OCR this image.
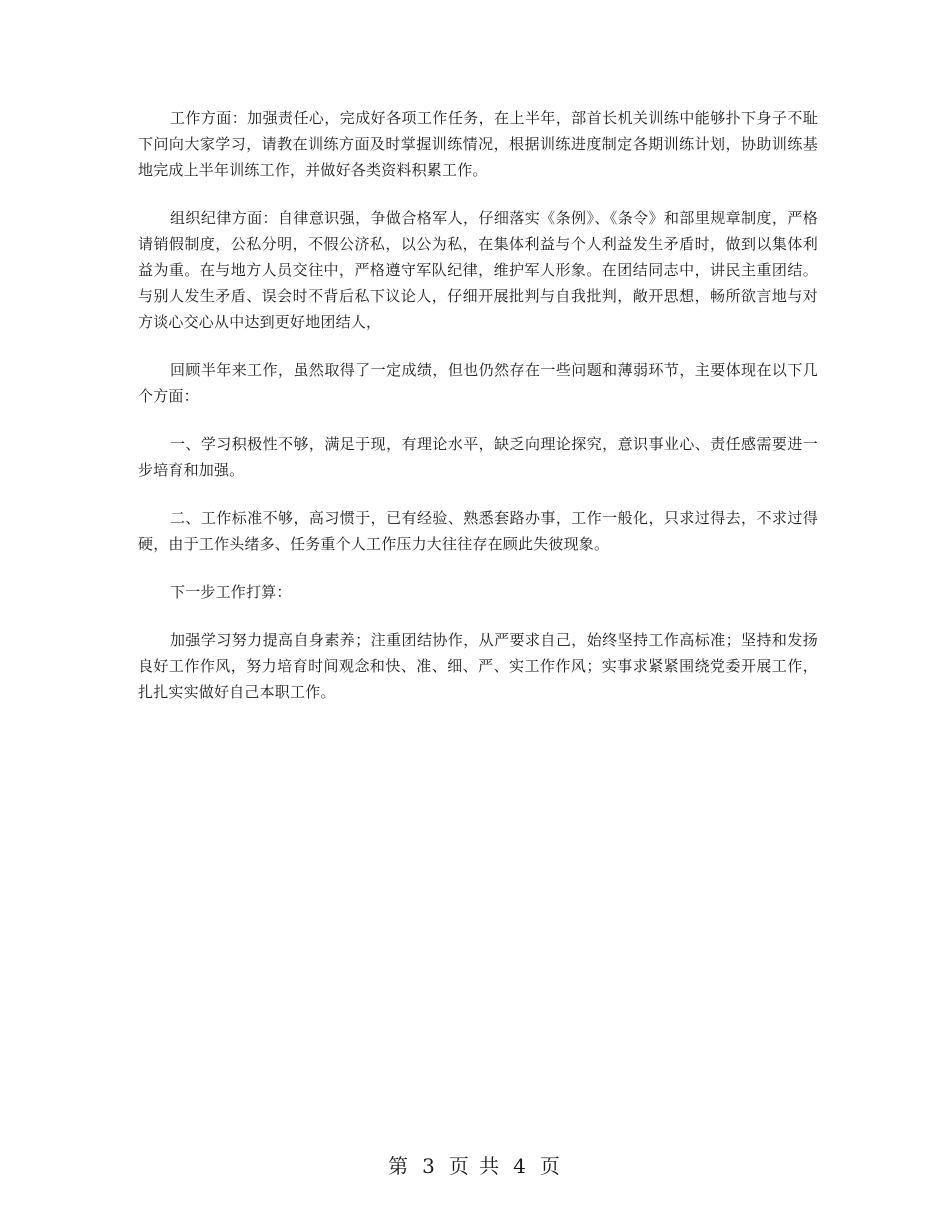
工作方面：加强责任心，完成好各项工作任务，在上半年，部首长机关训练中能够扑下身子不耻下问向大家学习，请教在训练方面及时掌握训练情况，根据训练进度制定各期训练计划，协助训练基地完成上半年训练工作，并做好各类资料积累工作。

组织纪律方面：自律意识强，争做合格军人，仔细落实《条例》、《条令》和部里规章制度，严格请销假制度，公私分明，不假公济私，以公为私，在集体利益与个人利益发生矛盾时，做到以集体利益为重。在与地方人员交往中，严格遵守军队纪律，维护军人形象。在团结同志中，讲民主重团结。与别人发生矛盾、误会时不背后私下议论人，仔细开展批判与自我批判，敞开思想，畅所欲言地与对方谈心交心从中达到更好地团结人，

回顾半年来工作，虽然取得了一定成绩，但也仍然存在一些问题和薄弱环节，主要体现在以下几个方面：

一、学习积极性不够，满足于现，有理论水平，缺乏向理论探究，意识事业心、责任感需要进一步培育和加强。

二、工作标准不够，高习惯于，已有经验、熟悉套路办事，工作一般化，只求过得去，不求过得硬，由于工作头绪多、任务重个人工作压力大往往存在顾此失彼现象。

下一步工作打算：

加强学习努力提高自身素养；注重团结协作，从严要求自己，始终坚持工作高标准；坚持和发扬良好工作作风，努力培育时间观念和快、准、细、严、实工作作风；实事求紧紧围绕党委开展工作，扎扎实实做好自己本职工作。

第 3 页 共 4 页
